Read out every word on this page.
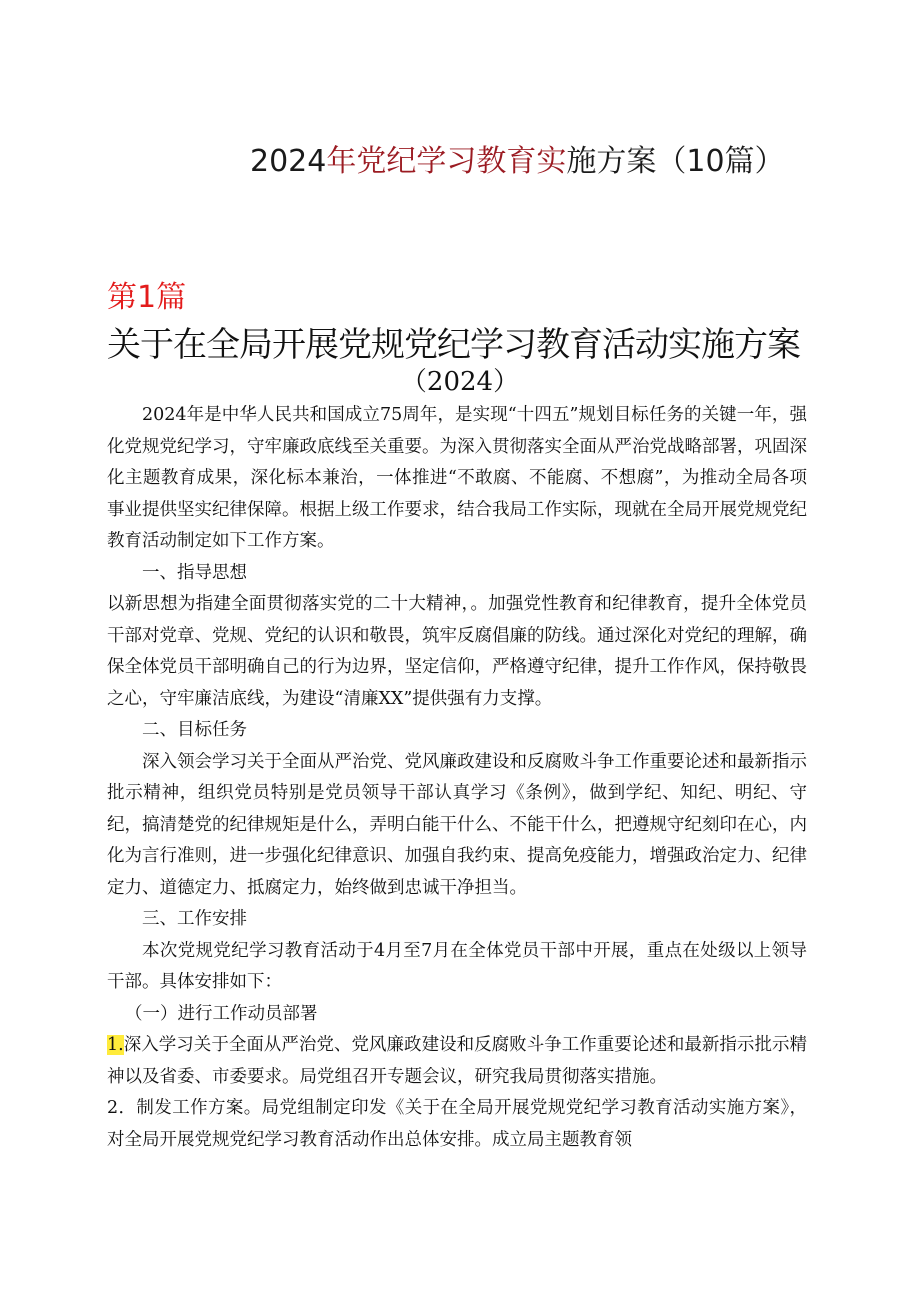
2024年党纪学习教育实施方案（10篇）
第1篇
关于在全局开展党规党纪学习教育活动实施方案
（2024）

2024年是中华人民共和国成立75周年，是实现“十四五”规划目标任务的关键一年，强化党规党纪学习，守牢廉政底线至关重要。为深入贯彻落实全面从严治党战略部署，巩固深化主题教育成果，深化标本兼治，一体推进“不敢腐、不能腐、不想腐”，为推动全局各项事业提供坚实纪律保障。根据上级工作要求，结合我局工作实际，现就在全局开展党规党纪教育活动制定如下工作方案。

一、指导思想

以新思想为指建全面贯彻落实党的二十大精神，。加强党性教育和纪律教育，提升全体党员干部对党章、党规、党纪的认识和敬畏，筑牢反腐倡廉的防线。通过深化对党纪的理解，确保全体党员干部明确自己的行为边界，坚定信仰，严格遵守纪律，提升工作作风，保持敬畏之心，守牢廉洁底线，为建设“清廉XX”提供强有力支撑。

二、目标任务

深入领会学习关于全面从严治党、党风廉政建设和反腐败斗争工作重要论述和最新指示批示精神，组织党员特别是党员领导干部认真学习《条例》，做到学纪、知纪、明纪、守纪，搞清楚党的纪律规矩是什么，弄明白能干什么、不能干什么，把遵规守纪刻印在心，内化为言行准则，进一步强化纪律意识、加强自我约束、提高免疫能力，增强政治定力、纪律定力、道德定力、抵腐定力，始终做到忠诚干净担当。

三、工作安排

本次党规党纪学习教育活动于4月至7月在全体党员干部中开展，重点在处级以上领导干部。具体安排如下：

（一）进行工作动员部署

1.深入学习关于全面从严治党、党风廉政建设和反腐败斗争工作重要论述和最新指示批示精神以及省委、市委要求。局党组召开专题会议，研究我局贯彻落实措施。

2．制发工作方案。局党组制定印发《关于在全局开展党规党纪学习教育活动实施方案》，对全局开展党规党纪学习教育活动作出总体安排。成立局主题教育领
